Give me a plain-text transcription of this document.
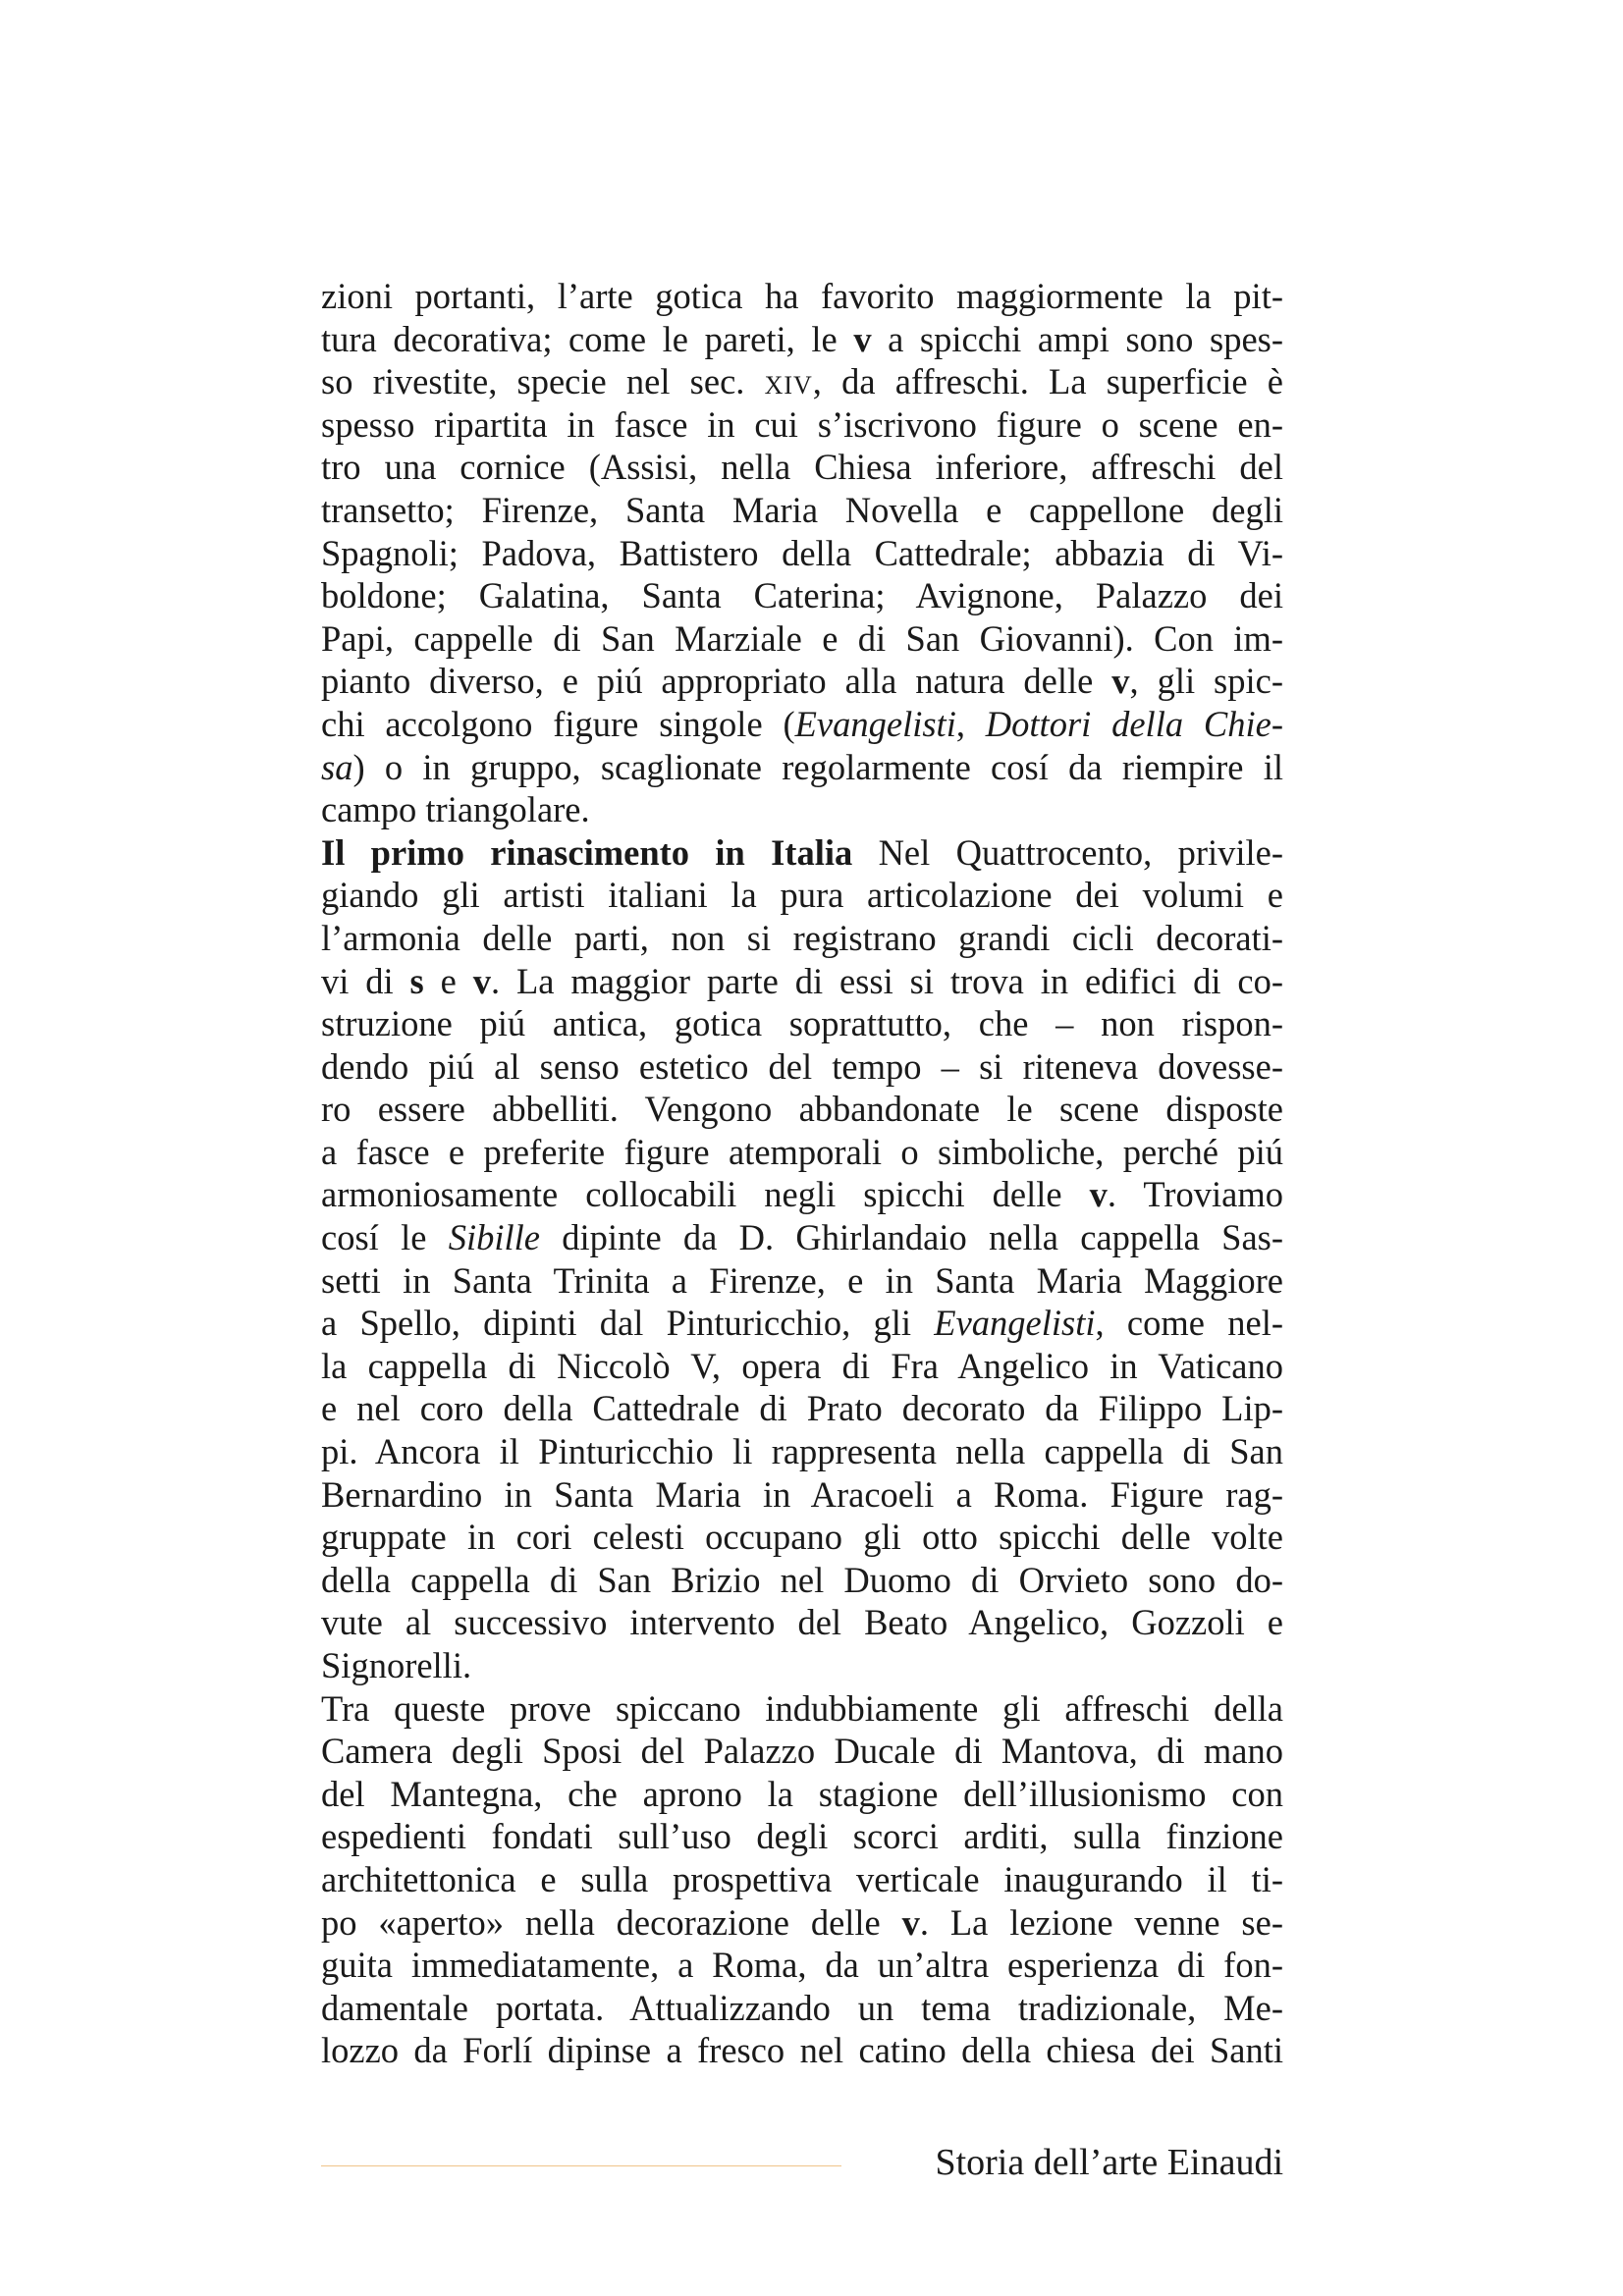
zioni portanti, l’arte gotica ha favorito maggiormente la pit-
tura decorativa; come le pareti, le v a spicchi ampi sono spes-
so rivestite, specie nel sec. xiv, da affreschi. La superficie è
spesso ripartita in fasce in cui s’iscrivono figure o scene en-
tro una cornice (Assisi, nella Chiesa inferiore, affreschi del
transetto; Firenze, Santa Maria Novella e cappellone degli
Spagnoli; Padova, Battistero della Cattedrale; abbazia di Vi-
boldone; Galatina, Santa Caterina; Avignone, Palazzo dei
Papi, cappelle di San Marziale e di San Giovanni). Con im-
pianto diverso, e piú appropriato alla natura delle v, gli spic-
chi accolgono figure singole (Evangelisti, Dottori della Chie-
sa) o in gruppo, scaglionate regolarmente cosí da riempire il
campo triangolare.
Il primo rinascimento in Italia Nel Quattrocento, privile-
giando gli artisti italiani la pura articolazione dei volumi e
l’armonia delle parti, non si registrano grandi cicli decorati-
vi di s e v. La maggior parte di essi si trova in edifici di co-
struzione piú antica, gotica soprattutto, che – non rispon-
dendo piú al senso estetico del tempo – si riteneva dovesse-
ro essere abbelliti. Vengono abbandonate le scene disposte
a fasce e preferite figure atemporali o simboliche, perché piú
armoniosamente collocabili negli spicchi delle v. Troviamo
cosí le Sibille dipinte da D. Ghirlandaio nella cappella Sas-
setti in Santa Trinita a Firenze, e in Santa Maria Maggiore
a Spello, dipinti dal Pinturicchio, gli Evangelisti, come nel-
la cappella di Niccolò V, opera di Fra Angelico in Vaticano
e nel coro della Cattedrale di Prato decorato da Filippo Lip-
pi. Ancora il Pinturicchio li rappresenta nella cappella di San
Bernardino in Santa Maria in Aracoeli a Roma. Figure rag-
gruppate in cori celesti occupano gli otto spicchi delle volte
della cappella di San Brizio nel Duomo di Orvieto sono do-
vute al successivo intervento del Beato Angelico, Gozzoli e
Signorelli.
Tra queste prove spiccano indubbiamente gli affreschi della
Camera degli Sposi del Palazzo Ducale di Mantova, di mano
del Mantegna, che aprono la stagione dell’illusionismo con
espedienti fondati sull’uso degli scorci arditi, sulla finzione
architettonica e sulla prospettiva verticale inaugurando il ti-
po «aperto» nella decorazione delle v. La lezione venne se-
guita immediatamente, a Roma, da un’altra esperienza di fon-
damentale portata. Attualizzando un tema tradizionale, Me-
lozzo da Forlí dipinse a fresco nel catino della chiesa dei Santi
Storia dell’arte Einaudi
